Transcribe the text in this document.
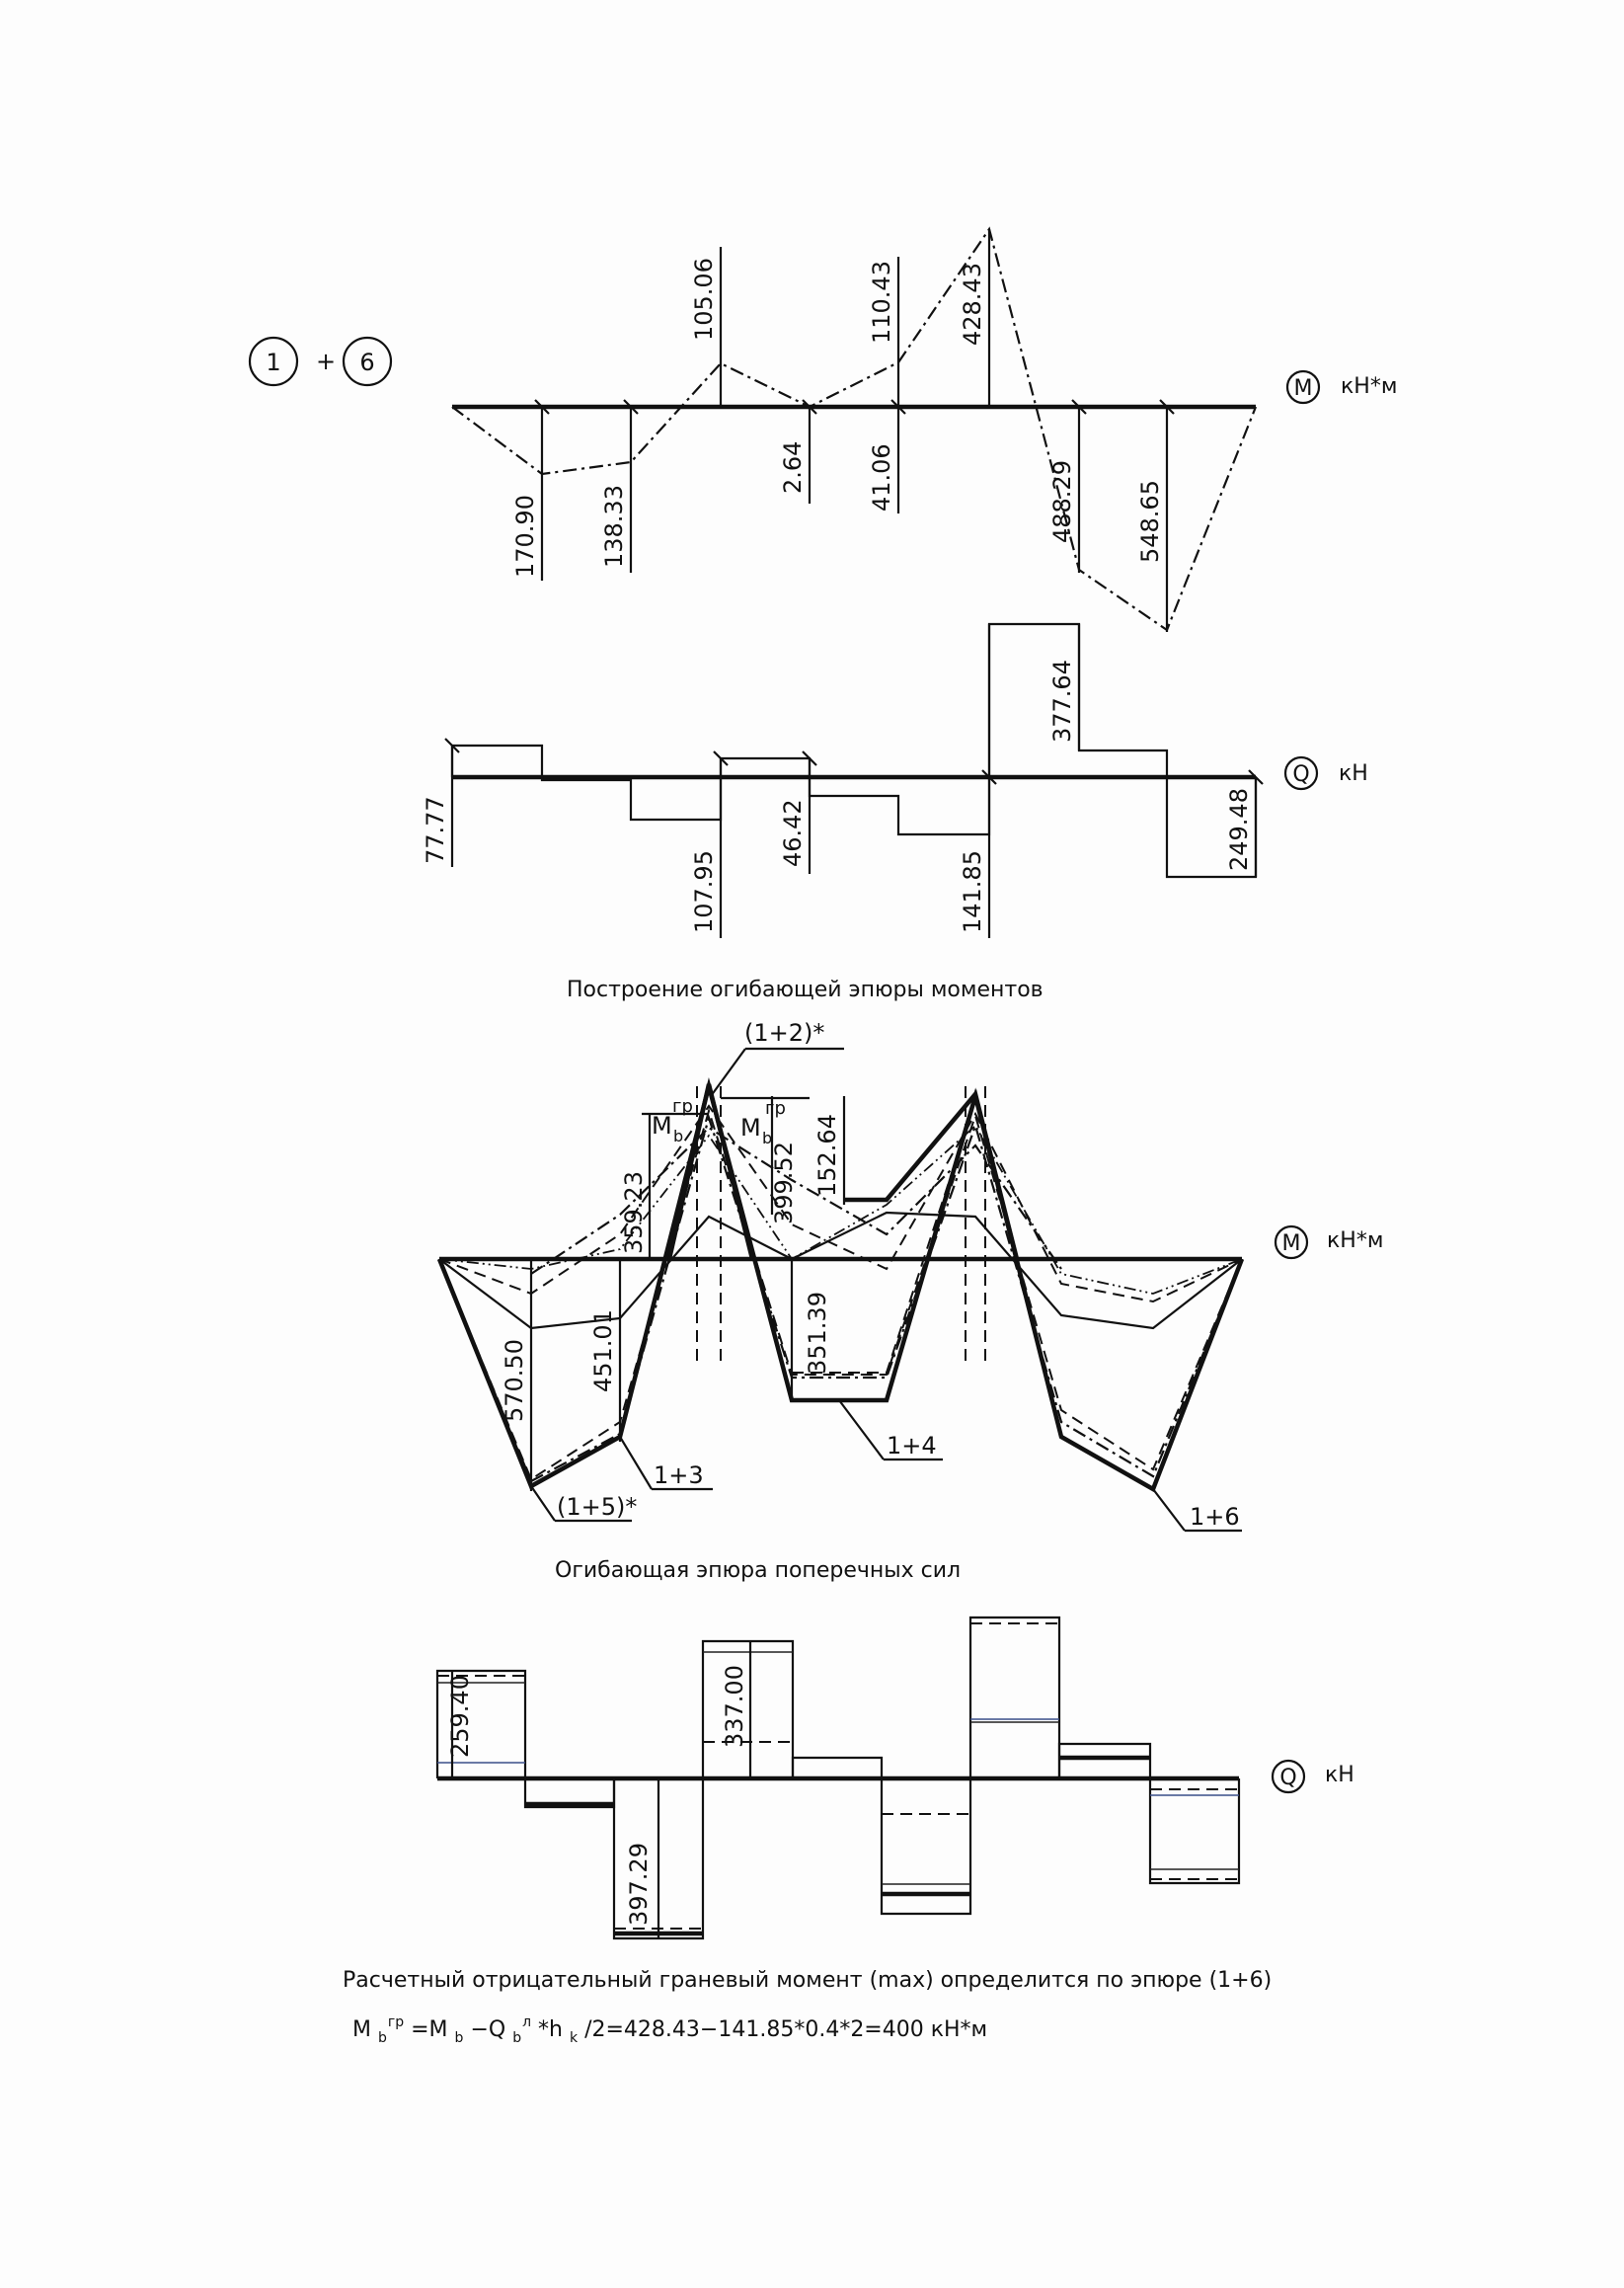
1 + 6
170.90	138.33
105.06
2.64	41.06
110.43	428.43
488.29	548.65
M кН*м
77.77
107.95
46.42
141.85
377.64
249.48
Q кН
Построение огибающей эпюры моментов
M b
гр
M b
гр
(1+2)*
359.23	399.52 152.64
570.50	451.01	351.39
1+3
(1+5)*
1+4
1+6
M кН*м
Огибающая эпюра поперечных сил
259.40
397.29
337.00
Q кН
Расчетный отрицательный граневый момент (max) определится по эпюре (1+6)
M $_b$ гр =M $_b$ −Q $_b$ л *h $_k$ /2=428.43−141.85*0.4*2=400 кН*м
